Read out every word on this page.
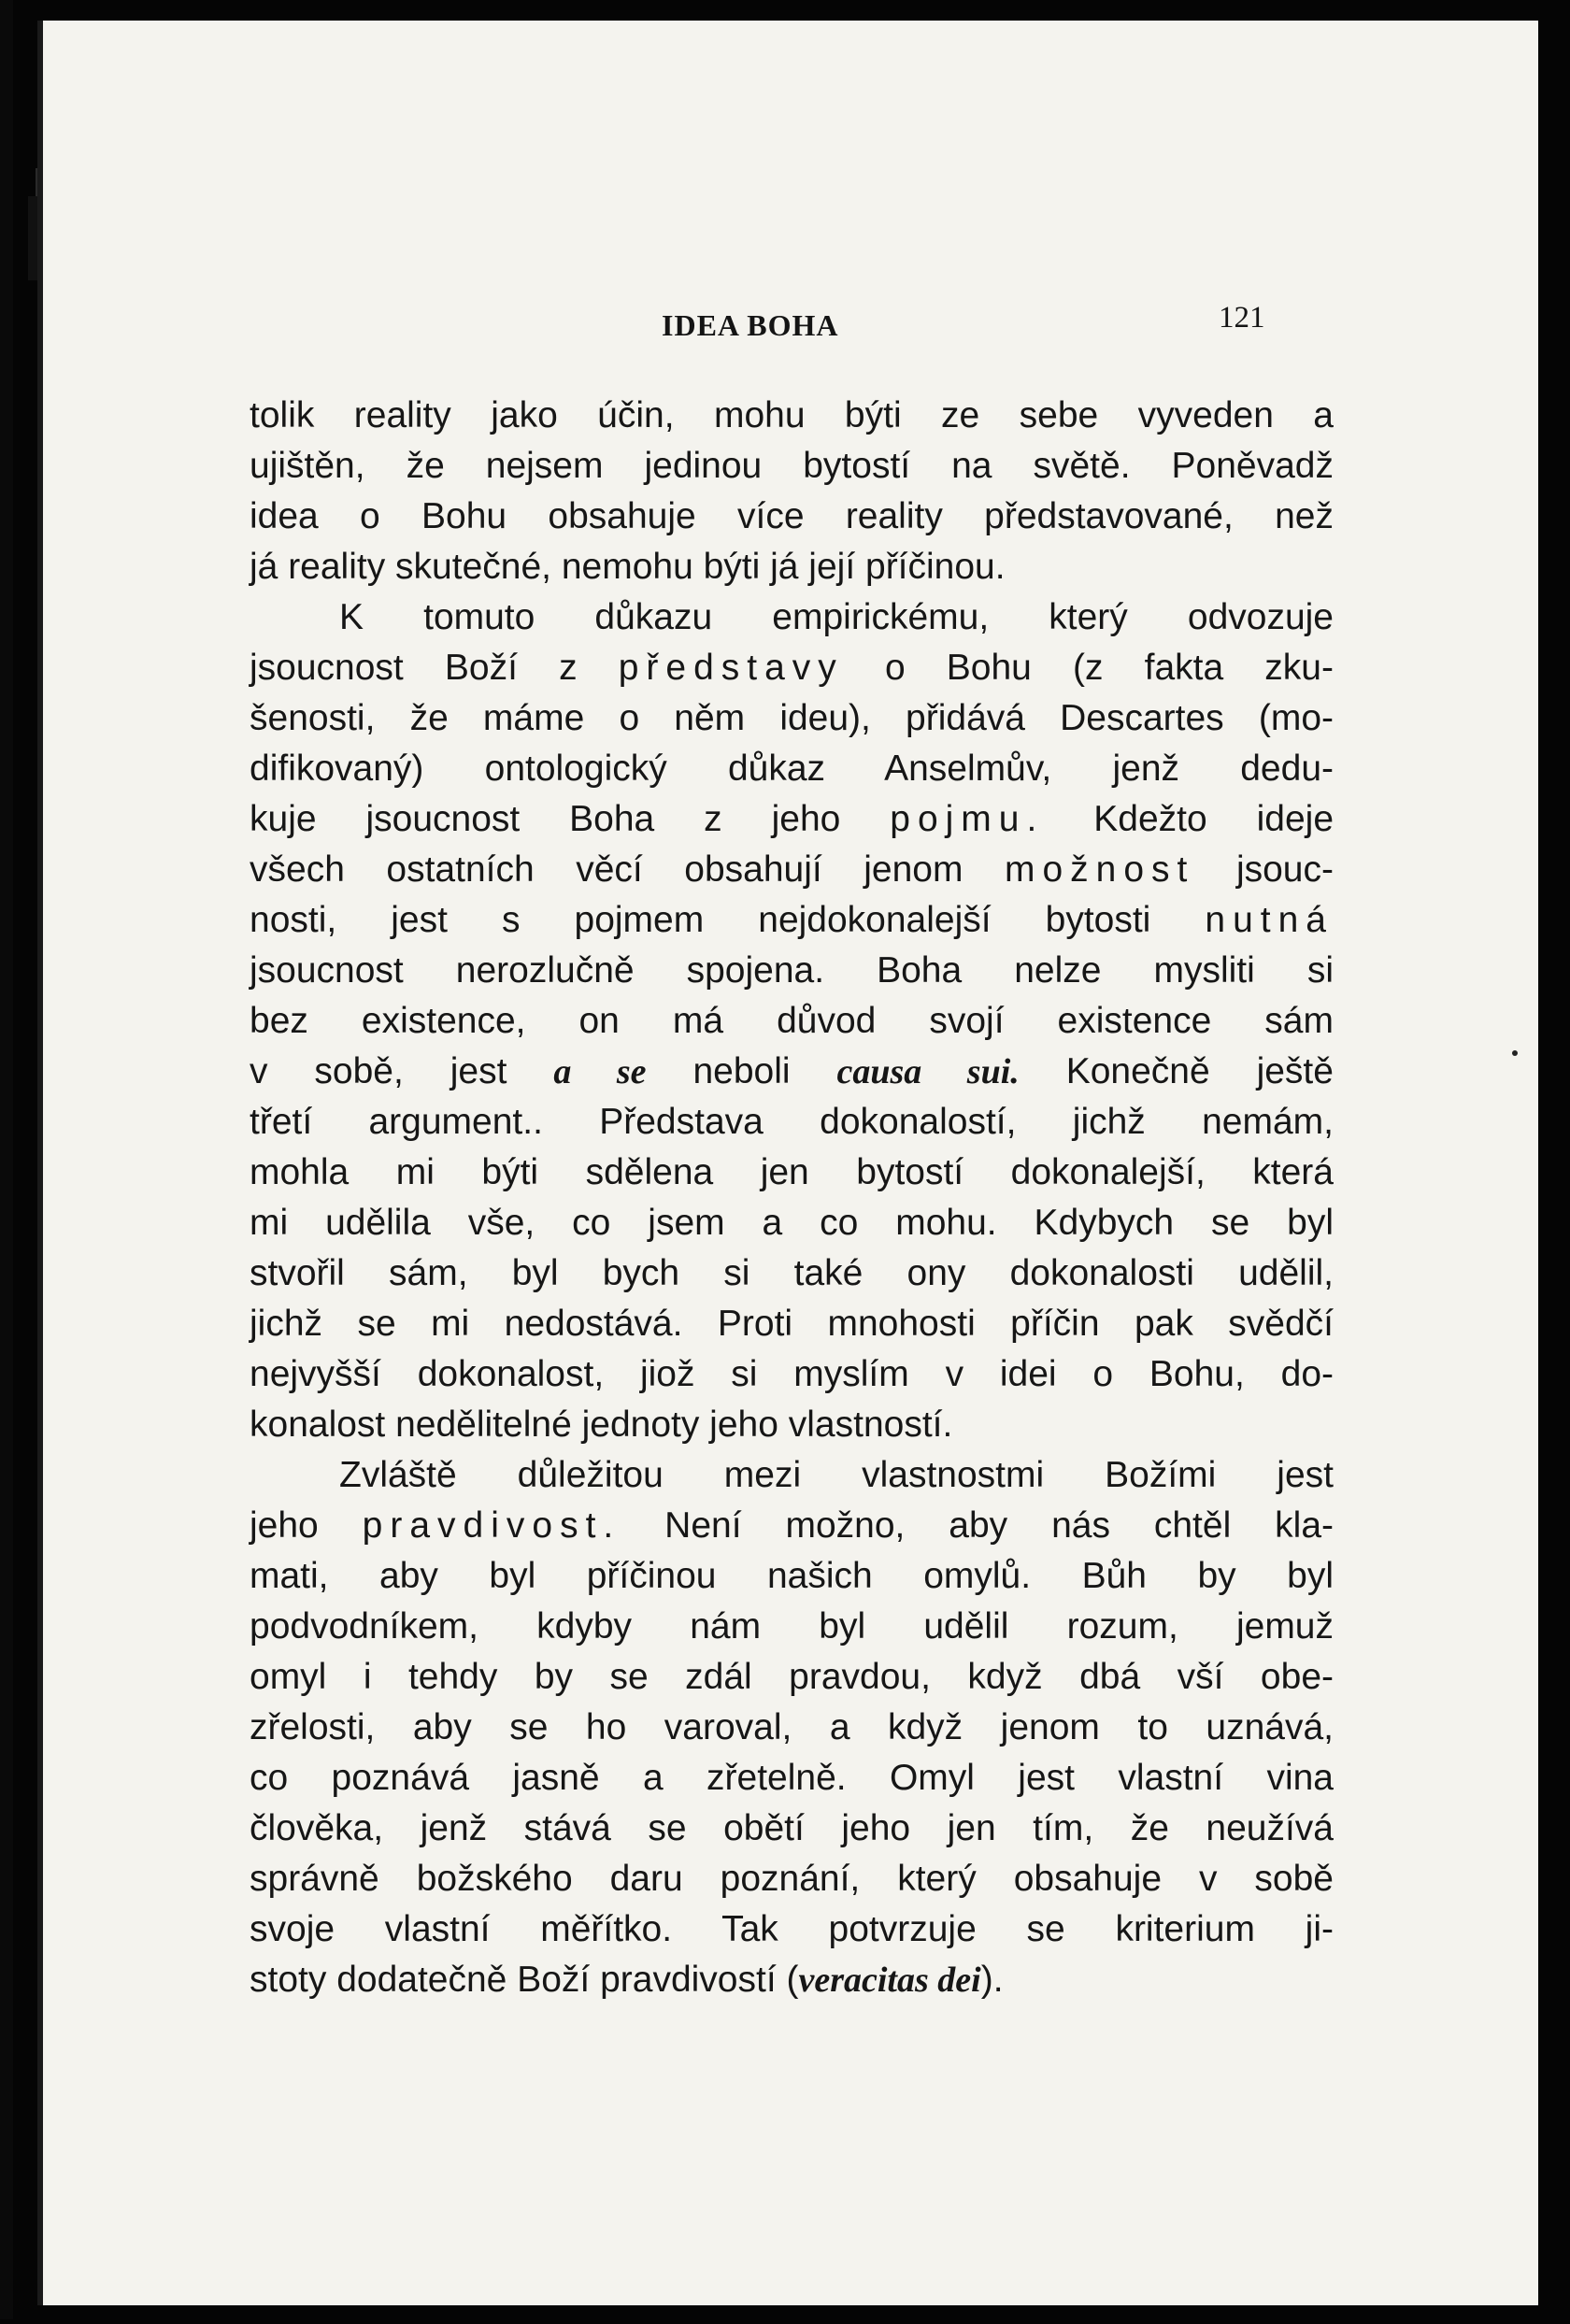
IDEA BOHA	121
tolik reality jako účin, mohu býti ze sebe vyveden a
ujištěn, že nejsem jedinou bytostí na světě. Poněvadž
idea o Bohu obsahuje více reality představované, než
já reality skutečné, nemohu býti já její příčinou.
K tomuto důkazu empirickému, který odvozuje
jsoucnost Boží z představy o Bohu (z fakta zku-
šenosti, že máme o něm ideu), přidává Descartes (mo-
difikovaný) ontologický důkaz Anselmův, jenž dedu-
kuje jsoucnost Boha z jeho pojmu. Kdežto ideje
všech ostatních věcí obsahují jenom možnost jsouc-
nosti, jest s pojmem nejdokonalejší bytosti nutná
jsoucnost nerozlučně spojena. Boha nelze mysliti si
bez existence, on má důvod svojí existence sám
v sobě, jest a se neboli causa sui. Konečně ještě
třetí argument.. Představa dokonalostí, jichž nemám,
mohla mi býti sdělena jen bytostí dokonalejší, která
mi udělila vše, co jsem a co mohu. Kdybych se byl
stvořil sám, byl bych si také ony dokonalosti udělil,
jichž se mi nedostává. Proti mnohosti příčin pak svědčí
nejvyšší dokonalost, jiož si myslím v idei o Bohu, do-
konalost nedělitelné jednoty jeho vlastností.
Zvláště důležitou mezi vlastnostmi Božími jest
jeho pravdivost. Není možno, aby nás chtěl kla-
mati, aby byl příčinou našich omylů. Bůh by byl
podvodníkem, kdyby nám byl udělil rozum, jemuž
omyl i tehdy by se zdál pravdou, když dbá vší obe-
zřelosti, aby se ho varoval, a když jenom to uznává,
co poznává jasně a zřetelně. Omyl jest vlastní vina
člověka, jenž stává se obětí jeho jen tím, že neužívá
správně božského daru poznání, který obsahuje v sobě
svoje vlastní měřítko. Tak potvrzuje se kriterium ji-
stoty dodatečně Boží pravdivostí (veracitas dei).
